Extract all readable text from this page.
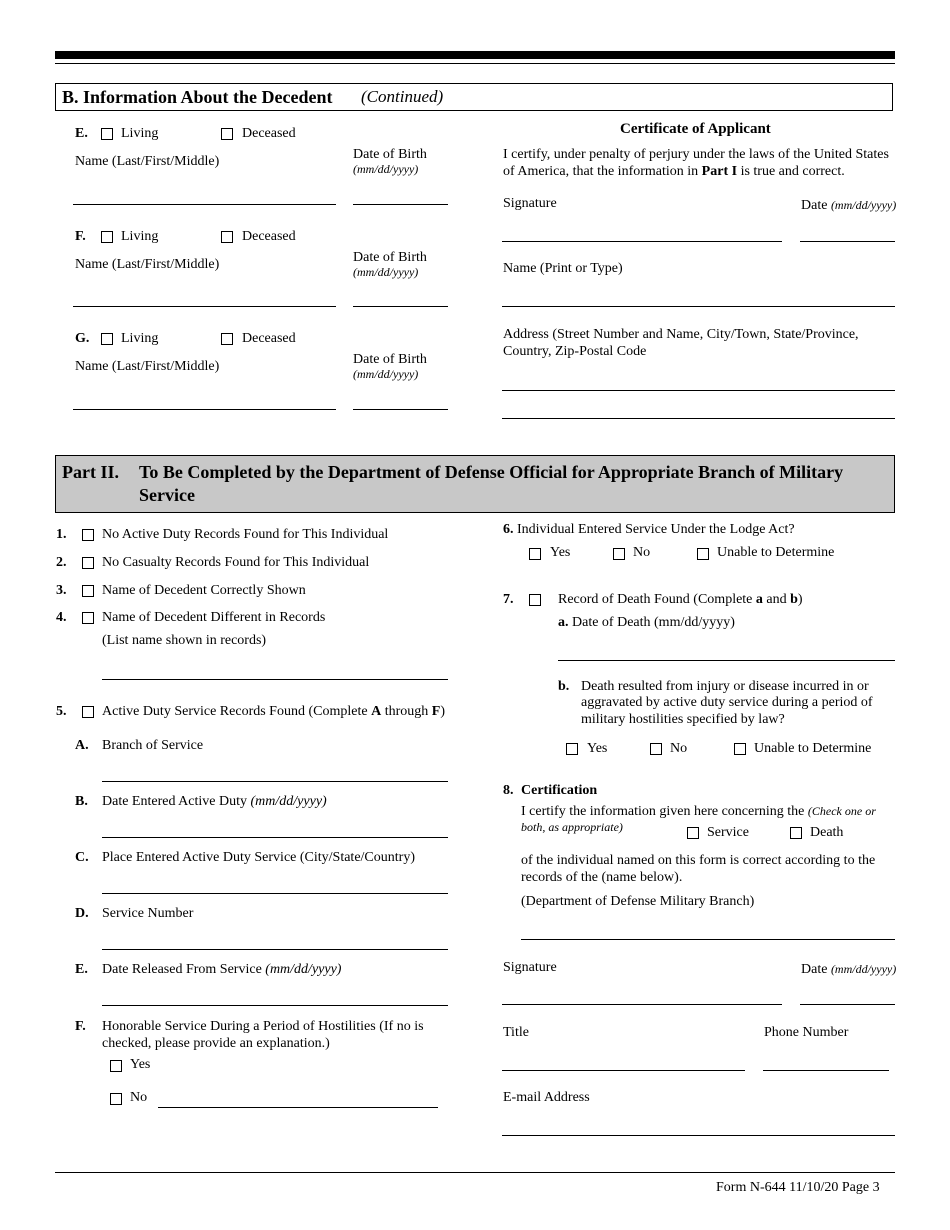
B. Information About the Decedent (Continued)
E. Living	Deceased
Name (Last/First/Middle)	Date of Birth
(mm/dd/yyyy)
F.	Living	Deceased
Name (Last/First/Middle)	Date of Birth
(mm/dd/yyyy)
G. Living	Deceased
Name (Last/First/Middle)	Date of Birth
(mm/dd/yyyy)
Certificate of Applicant
I certify, under penalty of perjury under the laws of the United States
of America, that the information in Part I is true and correct.
Signature	Date (mm/dd/yyyy)
Name (Print or Type)
Address (Street Number and Name, City/Town, State/Province,
Country, Zip-Postal Code
Part II. To Be Completed by the Department of Defense Official for Appropriate Branch of Military
Service
1.	No Active Duty Records Found for This Individual
2.	No Casualty Records Found for This Individual
3.	Name of Decedent Correctly Shown
4.	Name of Decedent Different in Records
(List name shown in records)
5.	Active Duty Service Records Found (Complete A through F)
A. Branch of Service
B. Date Entered Active Duty (mm/dd/yyyy)
C. Place Entered Active Duty Service (City/State/Country)
D. Service Number
E. Date Released From Service (mm/dd/yyyy)
F. Honorable Service During a Period of Hostilities (If no is
checked, please provide an explanation.)
Yes
No
6. Individual Entered Service Under the Lodge Act?
Yes	No	Unable to Determine
7.	Record of Death Found (Complete a and b)
a. Date of Death (mm/dd/yyyy)
b. Death resulted from injury or disease incurred in or
aggravated by active duty service during a period of
military hostilities specified by law?
Yes	No	Unable to Determine
8. Certification
I certify the information given here concerning the (Check one or
both, as appropriate)	Service	Death
of the individual named on this form is correct according to the
records of the (name below).
(Department of Defense Military Branch)
Signature	Date (mm/dd/yyyy)
Title	Phone Number
E-mail Address
Form N-644 11/10/20 Page 3
